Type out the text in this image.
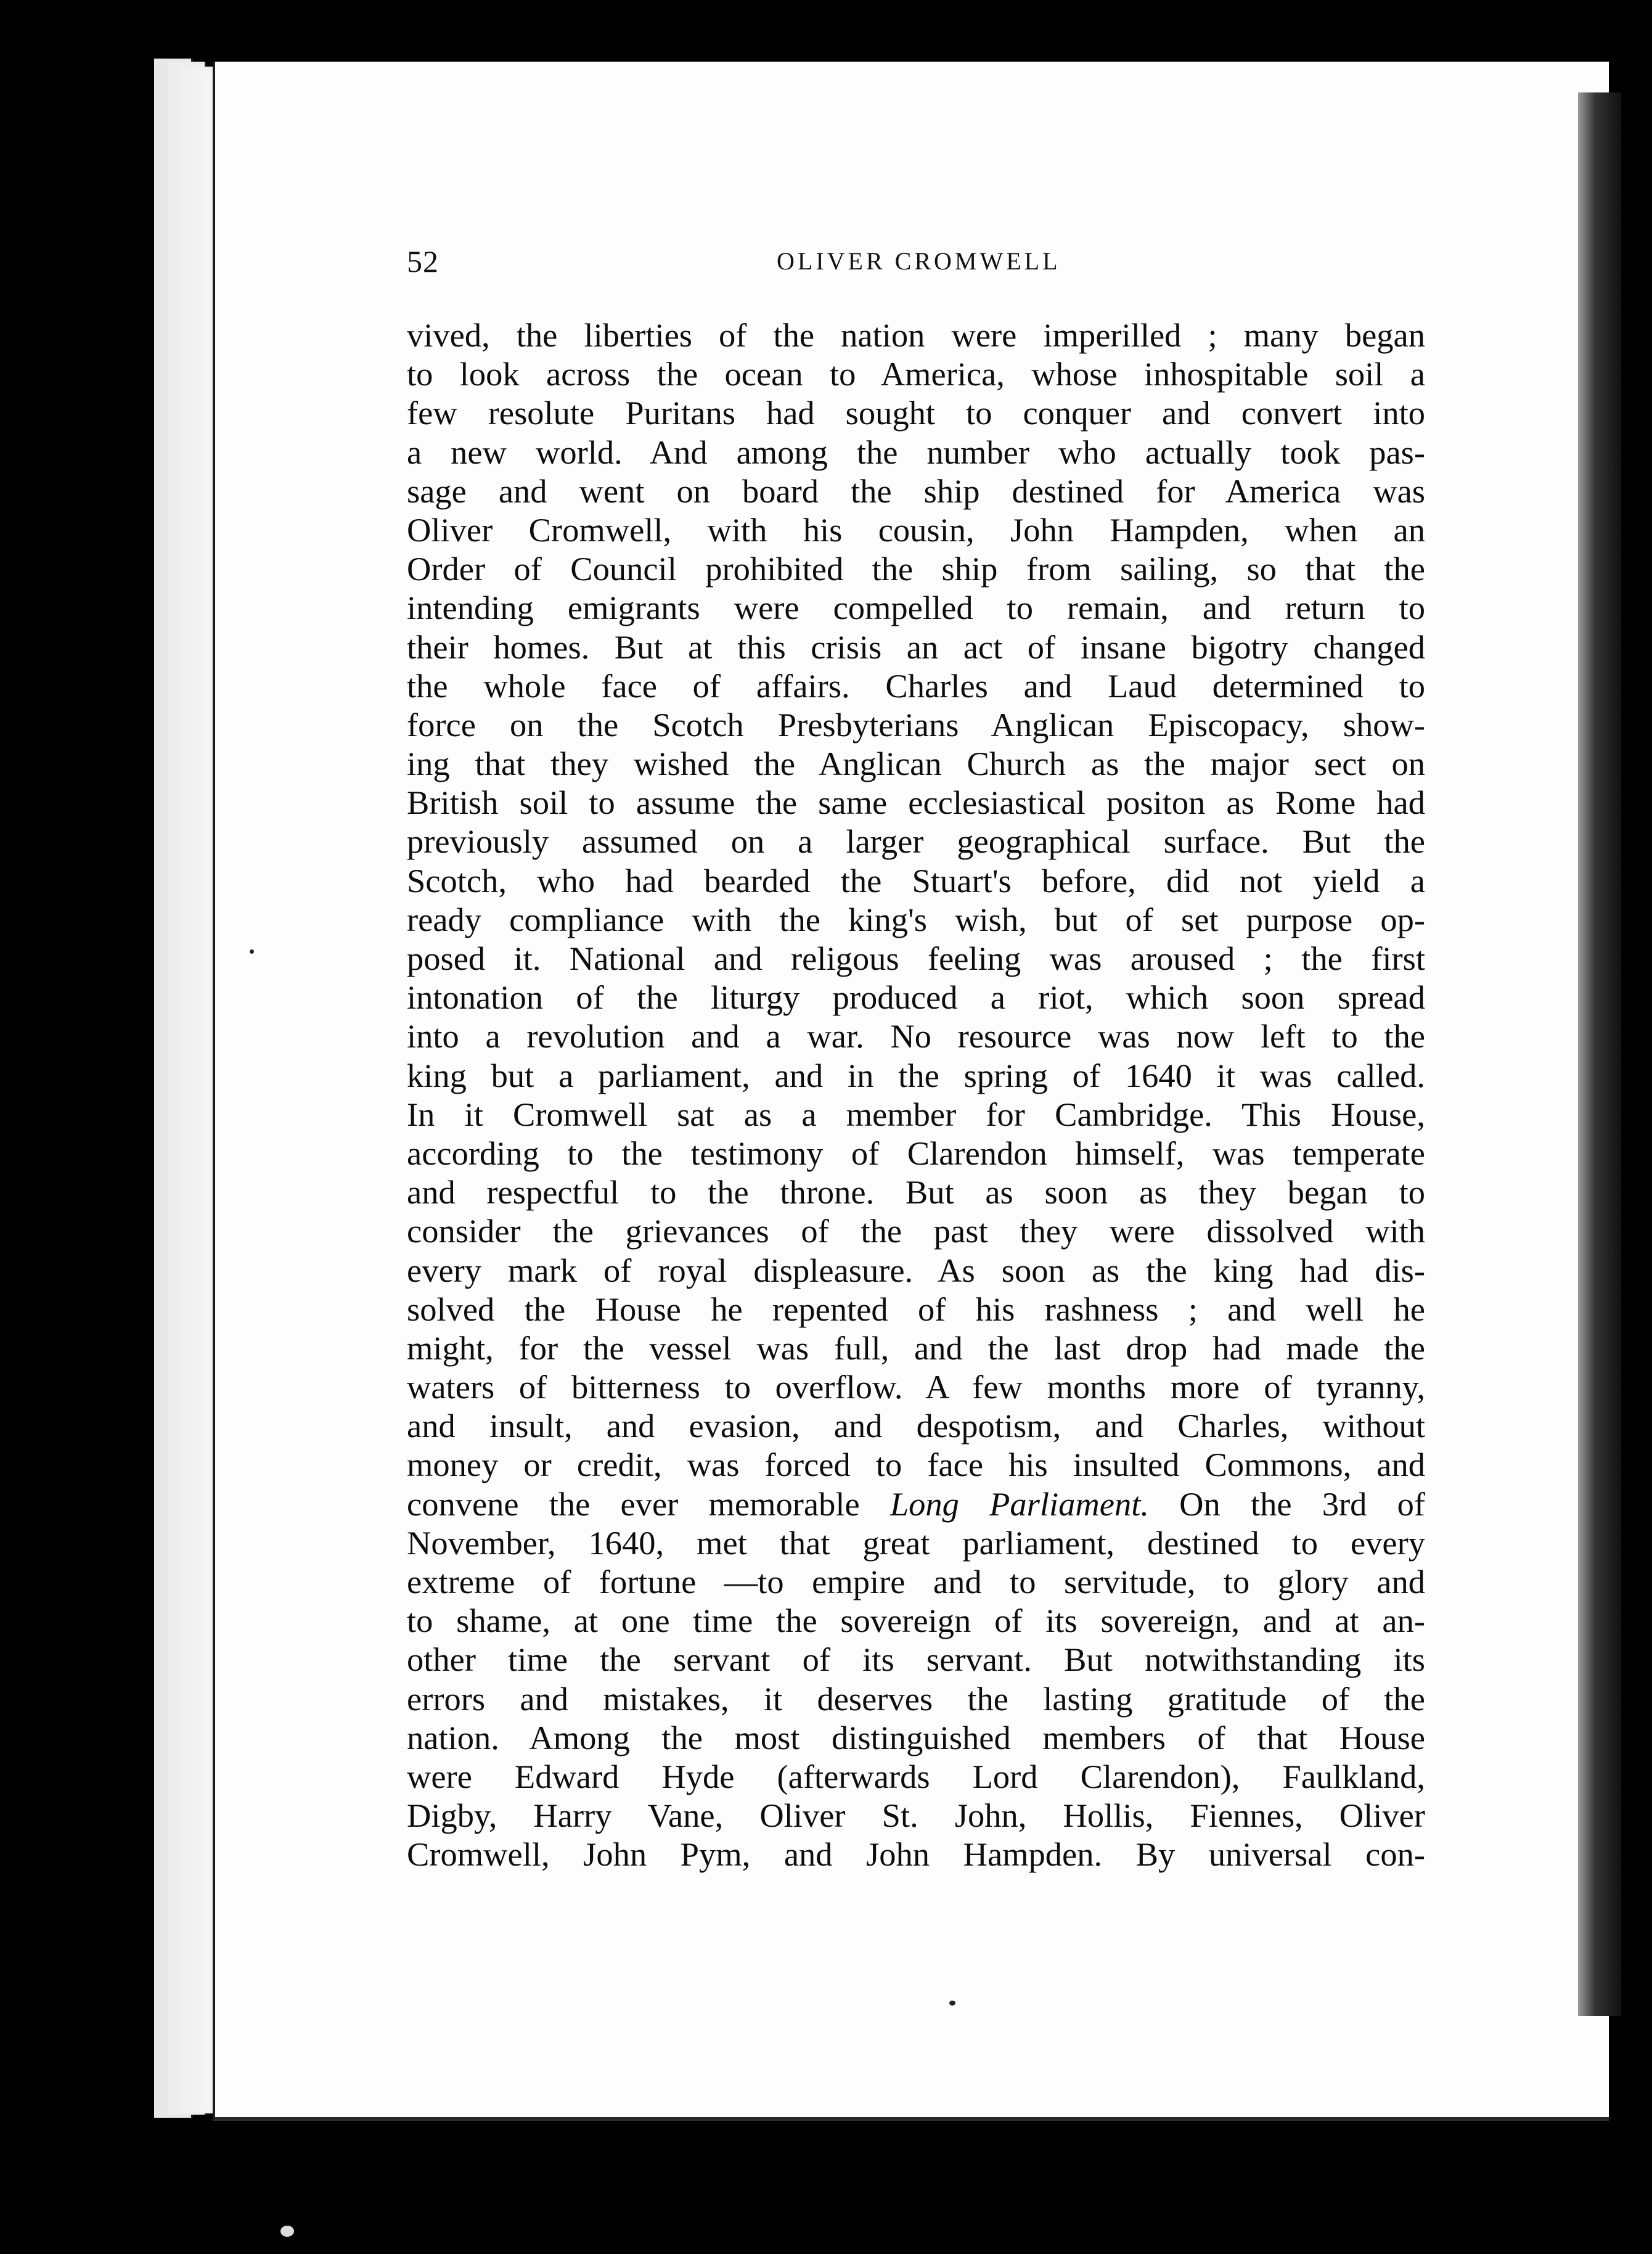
52	OLIVER CROMWELL
vived, the liberties of the nation were imperilled ; many began
to look across the ocean to America, whose inhospitable soil a
few resolute Puritans had sought to conquer and convert into
a new world. And among the number who actually took pas-
sage and went on board the ship destined for America was
Oliver Cromwell, with his cousin, John Hampden, when an
Order of Council prohibited the ship from sailing, so that the
intending emigrants were compelled to remain, and return to
their homes. But at this crisis an act of insane bigotry changed
the whole face of affairs. Charles and Laud determined to
force on the Scotch Presbyterians Anglican Episcopacy, show-
ing that they wished the Anglican Church as the major sect on
British soil to assume the same ecclesiastical positon as Rome had
previously assumed on a larger geographical surface. But the
Scotch, who had bearded the Stuart's before, did not yield a
ready compliance with the king's wish, but of set purpose op-
posed it. National and religous feeling was aroused ; the first
intonation of the liturgy produced a riot, which soon spread
into a revolution and a war. No resource was now left to the
king but a parliament, and in the spring of 1640 it was called.
In it Cromwell sat as a member for Cambridge. This House,
according to the testimony of Clarendon himself, was temperate
and respectful to the throne. But as soon as they began to
consider the grievances of the past they were dissolved with
every mark of royal displeasure. As soon as the king had dis-
solved the House he repented of his rashness ; and well he
might, for the vessel was full, and the last drop had made the
waters of bitterness to overflow. A few months more of tyranny,
and insult, and evasion, and despotism, and Charles, without
money or credit, was forced to face his insulted Commons, and
convene the ever memorable Long Parliament. On the 3rd of
November, 1640, met that great parliament, destined to every
extreme of fortune —to empire and to servitude, to glory and
to shame, at one time the sovereign of its sovereign, and at an-
other time the servant of its servant. But notwithstanding its
errors and mistakes, it deserves the lasting gratitude of the
nation. Among the most distinguished members of that House
were Edward Hyde (afterwards Lord Clarendon), Faulkland,
Digby, Harry Vane, Oliver St. John, Hollis, Fiennes, Oliver
Cromwell, John Pym, and John Hampden. By universal con-
